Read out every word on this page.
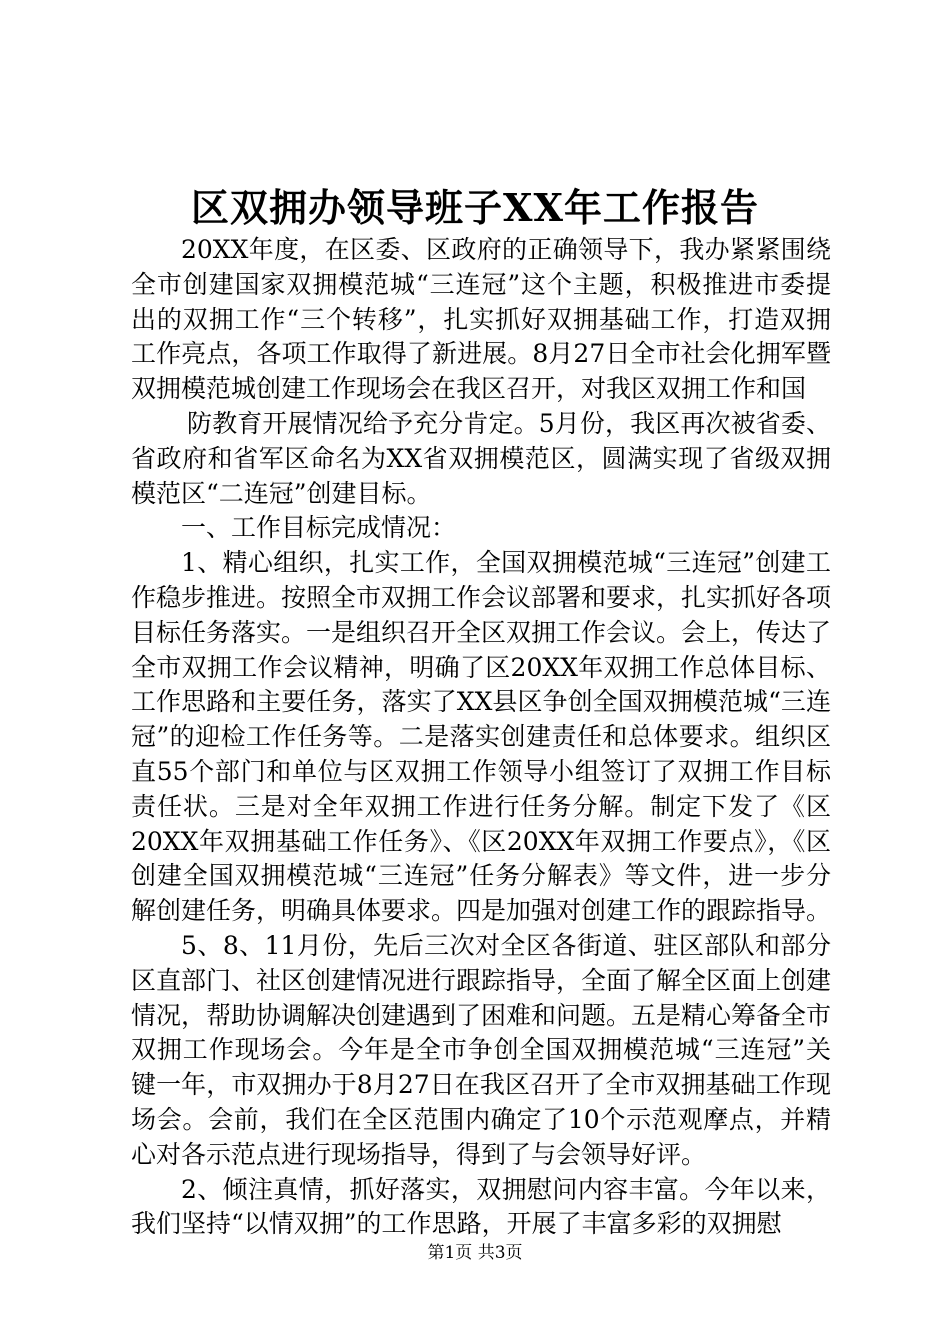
区双拥办领导班子XX年工作报告

20XX年度，在区委、区政府的正确领导下，我办紧紧围绕全市创建国家双拥模范城“三连冠”这个主题，积极推进市委提出的双拥工作“三个转移”，扎实抓好双拥基础工作，打造双拥工作亮点，各项工作取得了新进展。8月27日全市社会化拥军暨双拥模范城创建工作现场会在我区召开，对我区双拥工作和国

防教育开展情况给予充分肯定。5月份，我区再次被省委、省政府和省军区命名为XX省双拥模范区，圆满实现了省级双拥模范区“二连冠”创建目标。

一、工作目标完成情况：

1、精心组织，扎实工作，全国双拥模范城“三连冠”创建工作稳步推进。按照全市双拥工作会议部署和要求，扎实抓好各项目标任务落实。一是组织召开全区双拥工作会议。会上，传达了全市双拥工作会议精神，明确了区20XX年双拥工作总体目标、工作思路和主要任务，落实了XX县区争创全国双拥模范城“三连冠”的迎检工作任务等。二是落实创建责任和总体要求。组织区直55个部门和单位与区双拥工作领导小组签订了双拥工作目标责任状。三是对全年双拥工作进行任务分解。制定下发了《区20XX年双拥基础工作任务》、《区20XX年双拥工作要点》，《区创建全国双拥模范城“三连冠”任务分解表》等文件，进一步分解创建任务，明确具体要求。四是加强对创建工作的跟踪指导。

5、8、11月份，先后三次对全区各街道、驻区部队和部分区直部门、社区创建情况进行跟踪指导，全面了解全区面上创建情况，帮助协调解决创建遇到了困难和问题。五是精心筹备全市双拥工作现场会。今年是全市争创全国双拥模范城“三连冠”关键一年，市双拥办于8月27日在我区召开了全市双拥基础工作现场会。会前，我们在全区范围内确定了10个示范观摩点，并精心对各示范点进行现场指导，得到了与会领导好评。

2、倾注真情，抓好落实，双拥慰问内容丰富。今年以来，我们坚持“以情双拥”的工作思路，开展了丰富多彩的双拥慰

第1页 共3页
